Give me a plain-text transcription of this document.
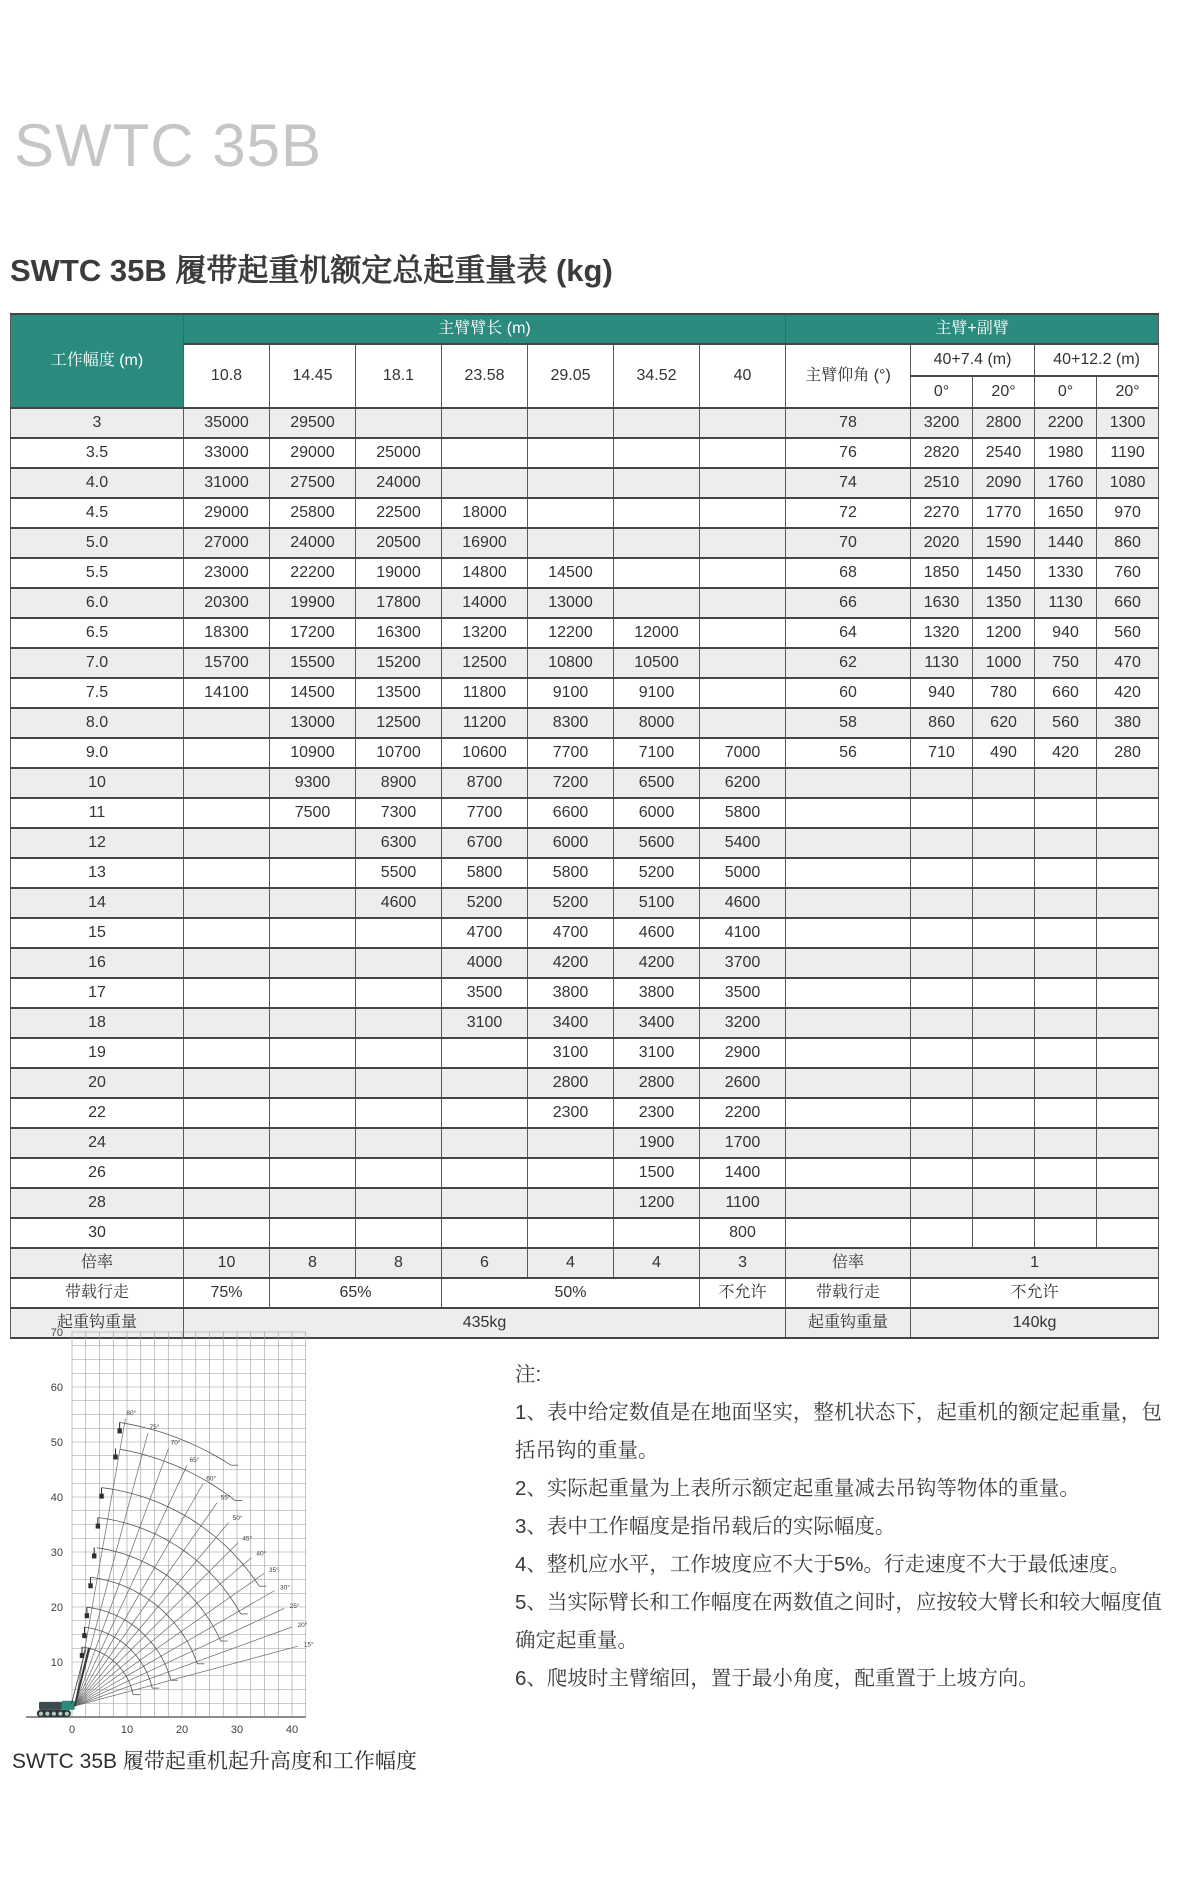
SWTC 35B
SWTC 35B 履带起重机额定总起重量表 (kg)
工作幅度 (m)	主臂臂长 (m)							主臂+副臂				
	10.8	14.45	18.1	23.58	29.05	34.52	40	主臂仰角 (°)	40+7.4 (m)		40+12.2 (m)	
									0°	20°	0°	20°
3	35000	29500						78	3200	2800	2200	1300
3.5	33000	29000	25000					76	2820	2540	1980	1190
4.0	31000	27500	24000					74	2510	2090	1760	1080
4.5	29000	25800	22500	18000				72	2270	1770	1650	970
5.0	27000	24000	20500	16900				70	2020	1590	1440	860
5.5	23000	22200	19000	14800	14500			68	1850	1450	1330	760
6.0	20300	19900	17800	14000	13000			66	1630	1350	1130	660
6.5	18300	17200	16300	13200	12200	12000		64	1320	1200	940	560
7.0	15700	15500	15200	12500	10800	10500		62	1130	1000	750	470
7.5	14100	14500	13500	11800	9100	9100		60	940	780	660	420
8.0		13000	12500	11200	8300	8000		58	860	620	560	380
9.0		10900	10700	10600	7700	7100	7000	56	710	490	420	280
10		9300	8900	8700	7200	6500	6200					
11		7500	7300	7700	6600	6000	5800					
12			6300	6700	6000	5600	5400					
13			5500	5800	5800	5200	5000					
14			4600	5200	5200	5100	4600					
15				4700	4700	4600	4100					
16				4000	4200	4200	3700					
17				3500	3800	3800	3500					
18				3100	3400	3400	3200					
19					3100	3100	2900					
20					2800	2800	2600					
22					2300	2300	2200					
24						1900	1700					
26						1500	1400					
28						1200	1100					
30							800					
倍率	10	8	8	6	4	4	3	倍率	1			
带载行走	75%	65%		50%			不允许	带载行走	不允许			
起重钩重量	435kg							起重钩重量	140kg			
10
20
30
40
50
60
70
0	10	20	30	40
15°
20°
25°
30°
35°
40°
45°
50°
55°
60°
65°
70°
75°
80°
SWTC 35B 履带起重机起升高度和工作幅度
注:
1、表中给定数值是在地面坚实，整机状态下，起重机的额定起重量，包括吊钩的重量。
2、实际起重量为上表所示额定起重量减去吊钩等物体的重量。
3、表中工作幅度是指吊载后的实际幅度。
4、整机应水平，工作坡度应不大于5%。行走速度不大于最低速度。
5、当实际臂长和工作幅度在两数值之间时，应按较大臂长和较大幅度值确定起重量。
6、爬坡时主臂缩回，置于最小角度，配重置于上坡方向。
